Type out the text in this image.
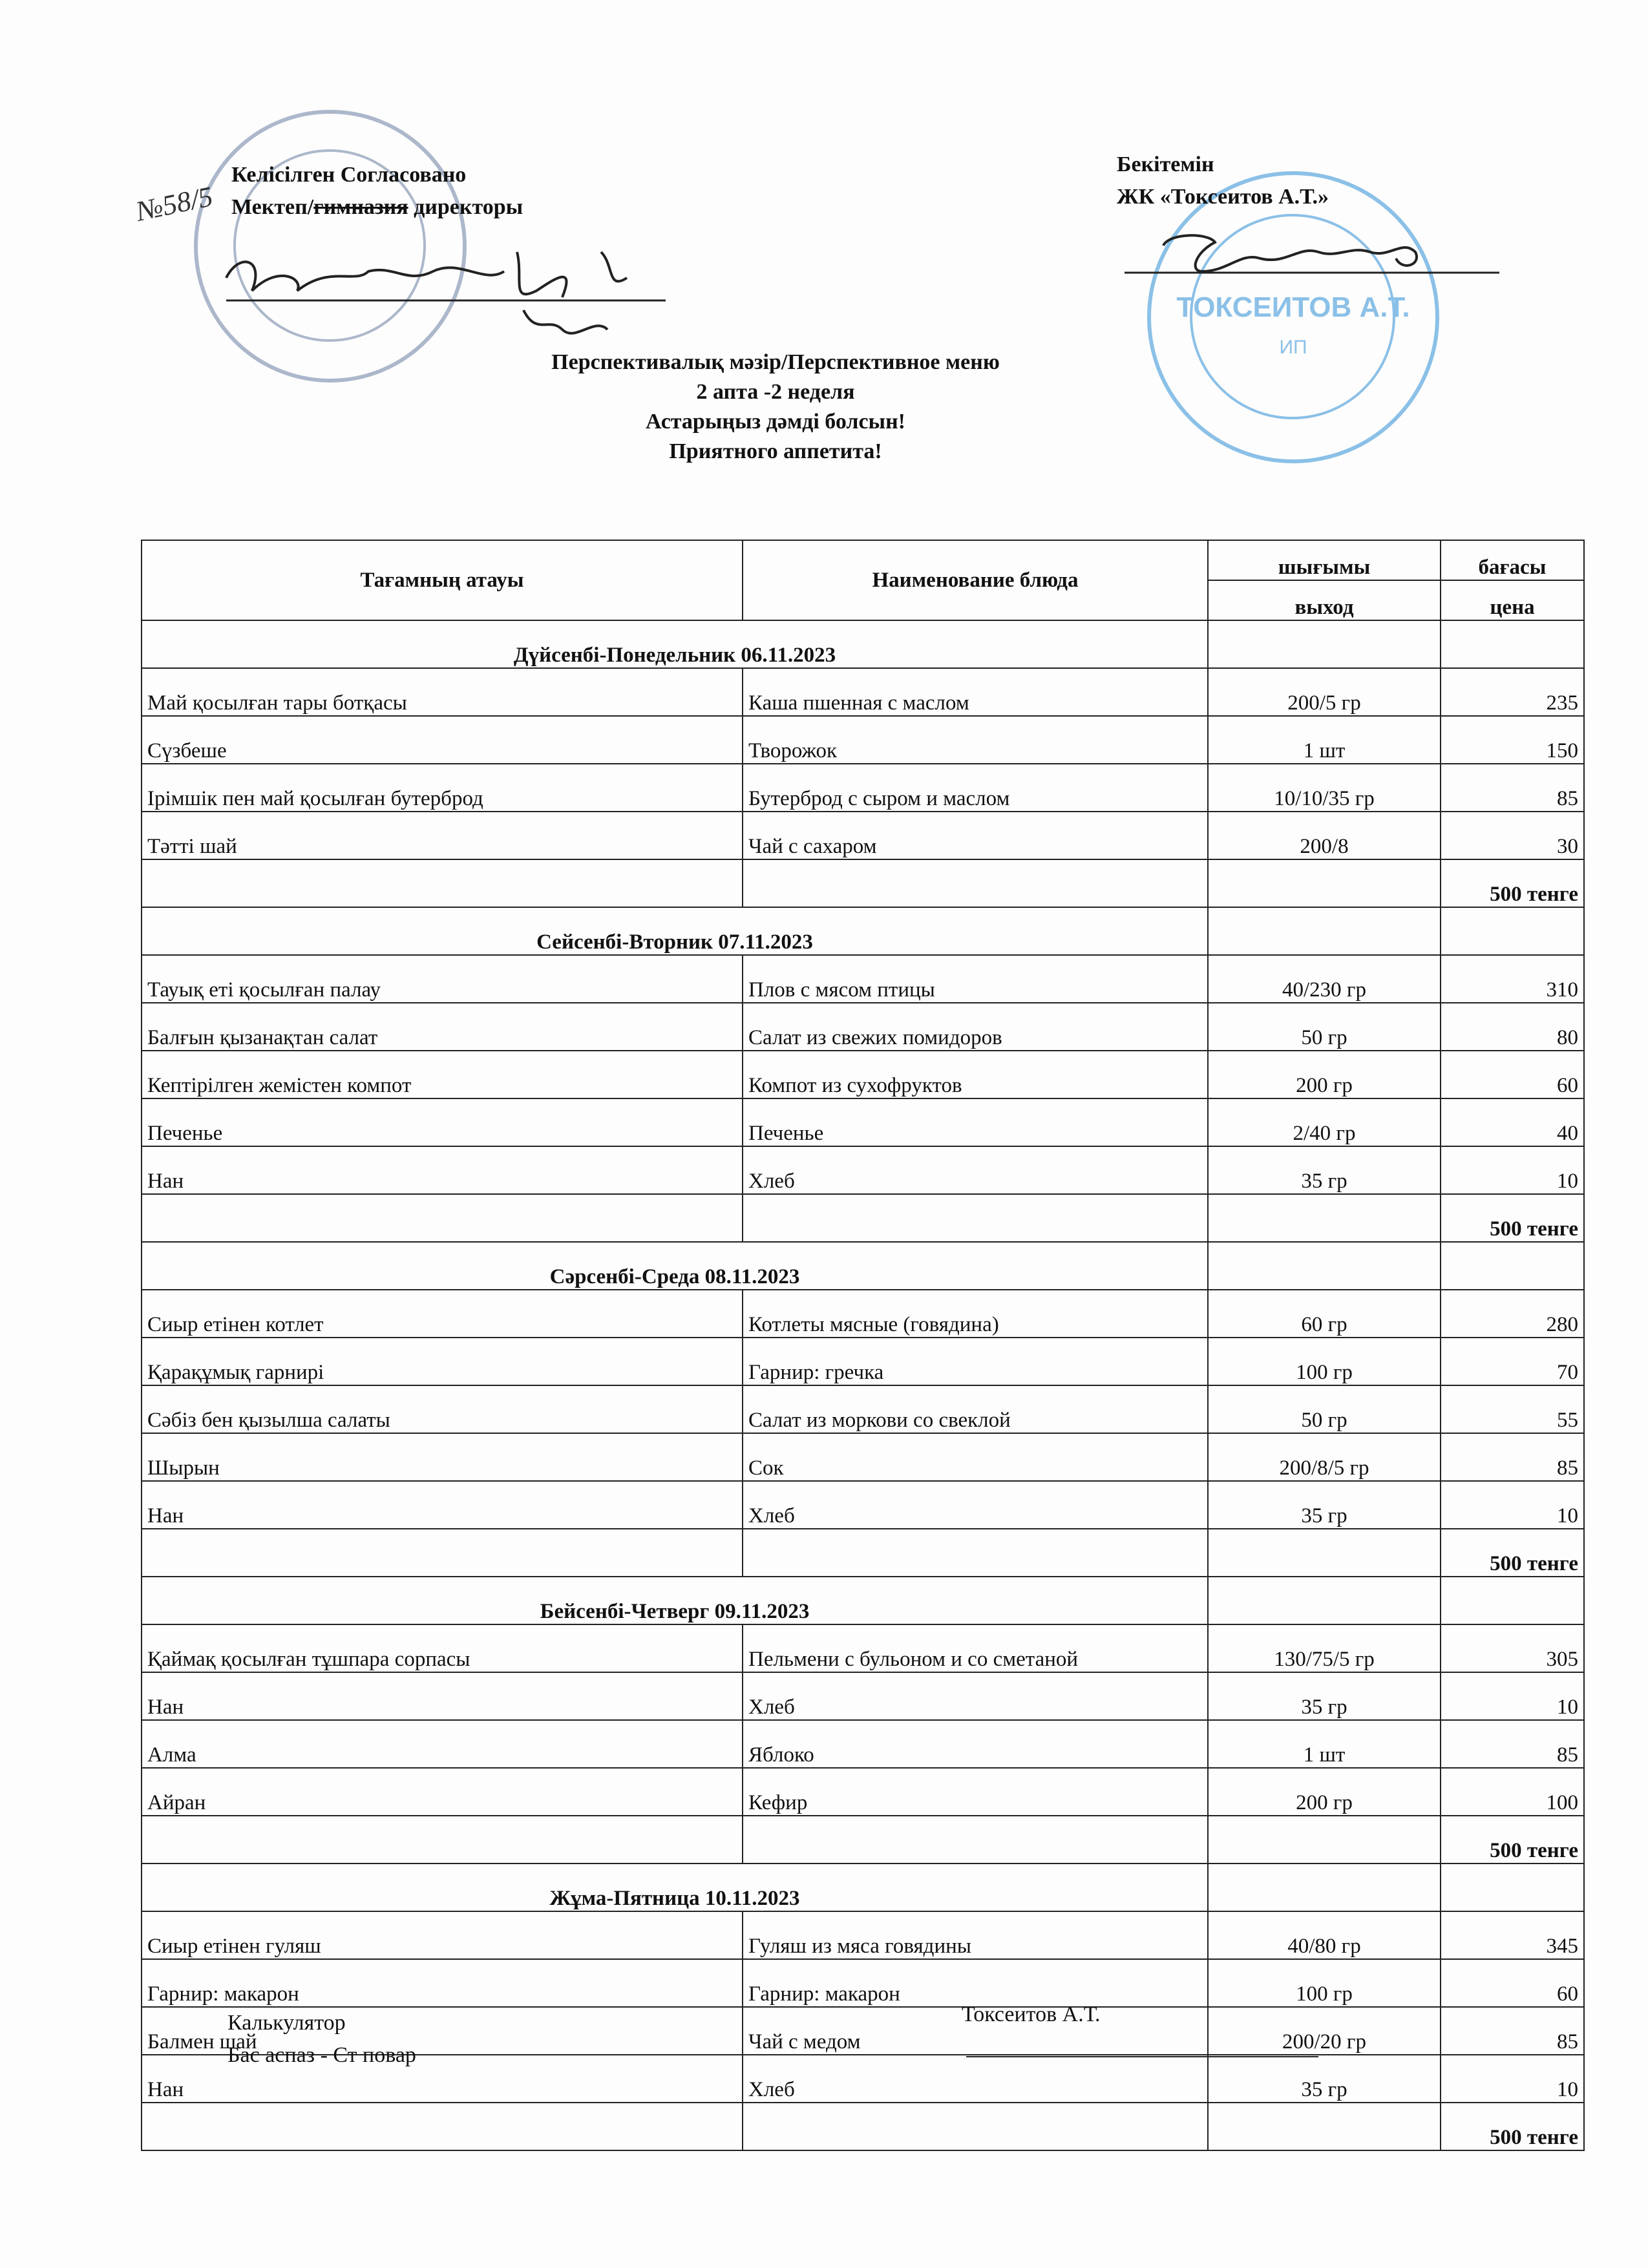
ТОКСЕИТОВ А.Т.
ИП
№58/5
Келісілген Согласовано
Мектеп/гимназия директоры
Бекітемін
ЖК «Токсеитов А.Т.»
Перспективалық мәзір/Перспективное меню
2 апта -2 неделя
Астарыңыз дәмді болсын!
Приятного аппетита!
Тағамның атауы	Наименование блюда	шығымы	бағасы
		выход	цена
Дүйсенбі-Понедельник 06.11.2023			
Май қосылған тары ботқасы	Каша пшенная с маслом	200/5 гр	235
Сүзбеше	Творожок	1 шт	150
Ірімшік пен май қосылған бутерброд	Бутерброд с сыром и маслом	10/10/35 гр	85
Тәтті шай	Чай с сахаром	200/8	30
			500 тенге
Сейсенбі-Вторник 07.11.2023			
Тауық еті қосылған палау	Плов с мясом птицы	40/230 гр	310
Балғын қызанақтан салат	Салат из свежих помидоров	50 гр	80
Кептірілген жемістен компот	Компот из сухофруктов	200 гр	60
Печенье	Печенье	2/40 гр	40
Нан	Хлеб	35 гр	10
			500 тенге
Сәрсенбі-Среда 08.11.2023			
Сиыр етінен котлет	Котлеты мясные (говядина)	60 гр	280
Қарақұмық гарнирі	Гарнир: гречка	100 гр	70
Сәбіз бен қызылша салаты	Салат из моркови со свеклой	50 гр	55
Шырын	Сок	200/8/5 гр	85
Нан	Хлеб	35 гр	10
			500 тенге
Бейсенбі-Четверг 09.11.2023			
Қаймақ қосылған тұшпара сорпасы	Пельмени с бульоном и со сметаной	130/75/5 гр	305
Нан	Хлеб	35 гр	10
Алма	Яблоко	1 шт	85
Айран	Кефир	200 гр	100
			500 тенге
Жұма-Пятница 10.11.2023			
Сиыр етінен гуляш	Гуляш из мяса говядины	40/80 гр	345
Гарнир: макарон	Гарнир: макарон	100 гр	60
Балмен шай	Чай с медом	200/20 гр	85
Нан	Хлеб	35 гр	10
			500 тенге
Калькулятор
Бас аспаз - Ст повар
Токсеитов А.Т.
